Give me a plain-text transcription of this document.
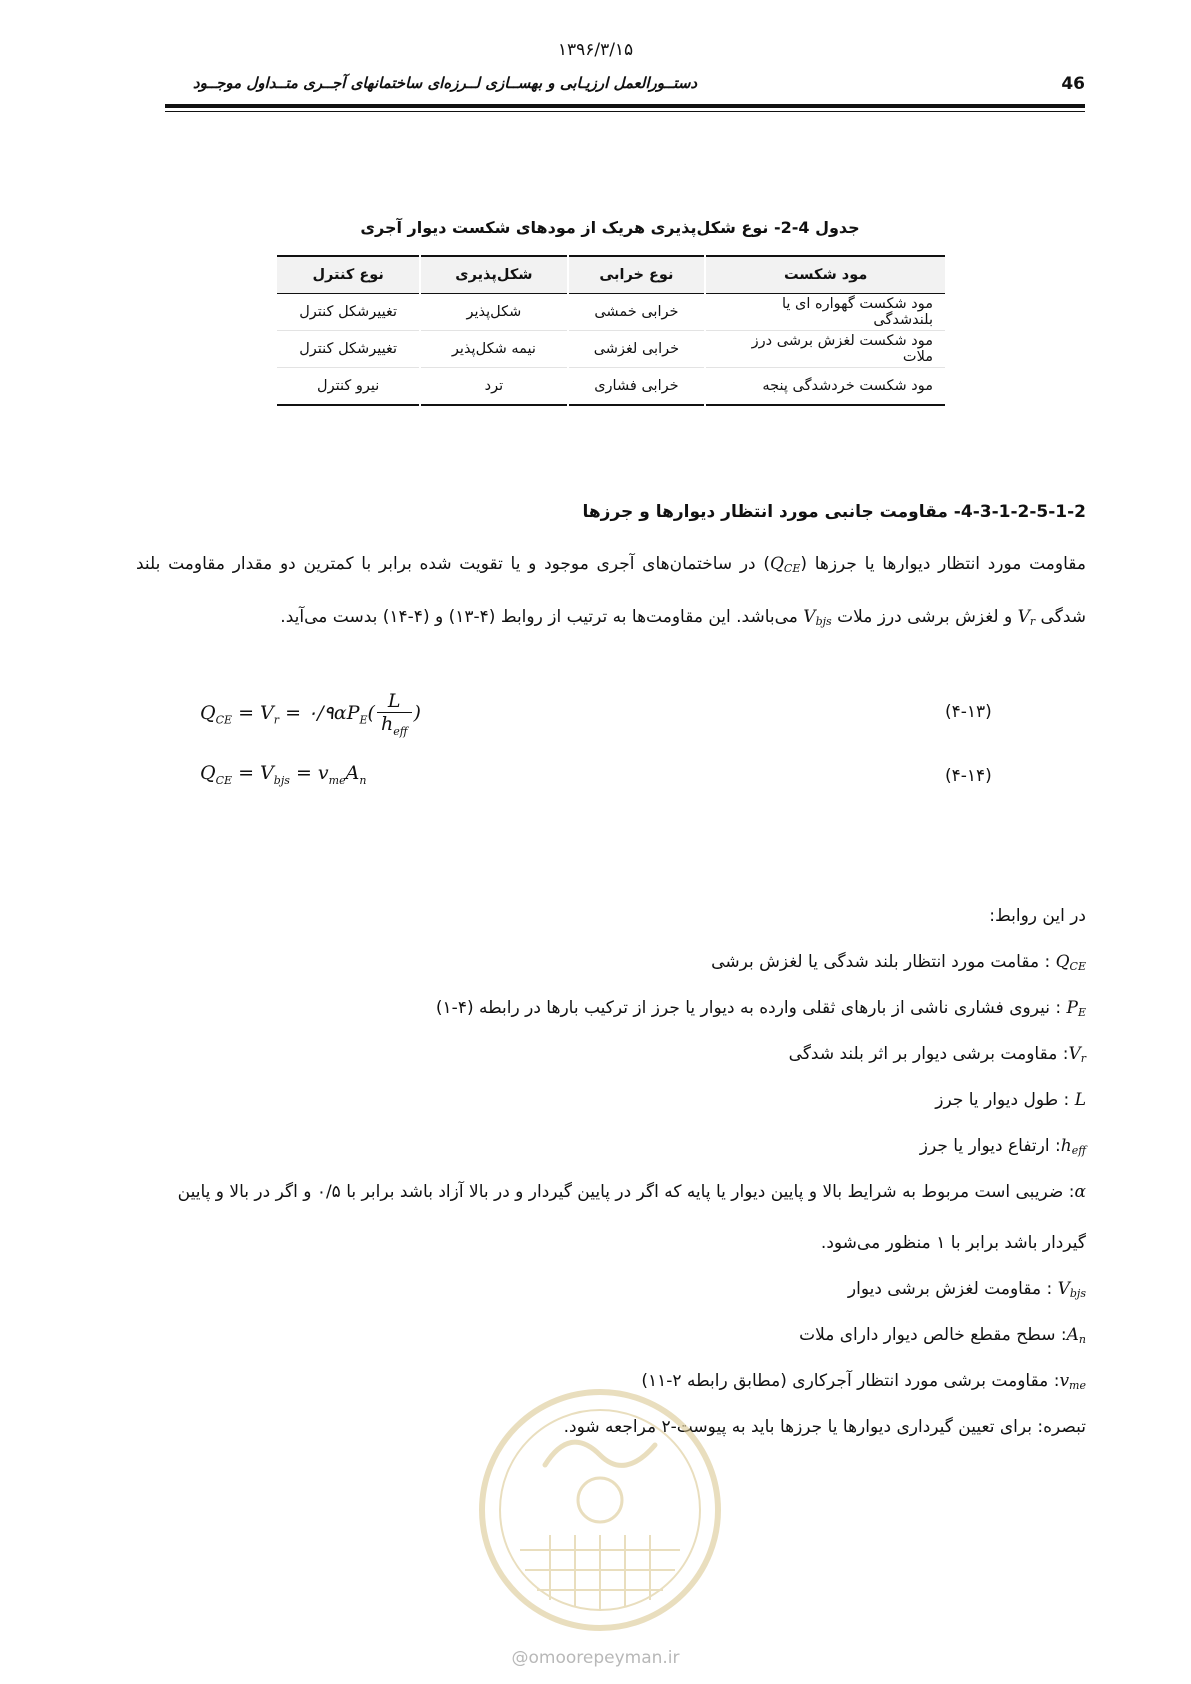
۱۳۹۶/۳/۱۵
دستــورالعمل ارزیـابی و بهســازی لــرزه‌ای ساختمانهای آجــری متــداول موجــود	46
جدول 4-2- نوع شکل‌پذیری هریک از مودهای شکست دیوار آجری
مود شکست	نوع خرابی	شکل‌پذیری	نوع کنترل
مود شکست گهواره ای یا بلندشدگی	خرابی خمشی	شکل‌پذیر	تغییرشکل کنترل
مود شکست لغزش برشی درز ملات	خرابی لغزشی	نیمه شکل‌پذیر	تغییرشکل کنترل
مود شکست خردشدگی پنجه	خرابی فشاری	ترد	نیرو کنترل
4-3-1-2-5-1-2- مقاومت جانبی مورد انتظار دیوارها و جرزها
مقاومت مورد انتظار دیوارها یا جرزها $(Q_{CE})$ در ساختمان‌های آجری موجود و یا تقویت شده برابر با کمترین دو مقدار مقاومت بلند شدگی $V_r$ و لغزش برشی درز ملات $V_{bjs}$ می‌باشد. این مقاومت‌ها به ترتیب از روابط (۴-۱۳) و (۴-۱۴) بدست می‌آید.
$Q_{CE} = V_r$ = $۰/۹\alpha P_E( \frac{L}{h_{eff}}$ )	(۴-۱۳)
$Q_{CE} = V_{bjs} = v_{me}A_n$	(۴-۱۴)
در این روابط:
$Q_{CE}$ : مقامت مورد انتظار بلند شدگی یا لغزش برشی
$P_E$ : نیروی فشاری ناشی از بارهای ثقلی وارده به دیوار یا جرز از ترکیب بارها در رابطه (۴-۱)
$V_r$: مقاومت برشی دیوار بر اثر بلند شدگی
L : طول دیوار یا جرز
$h_{eff}$: ارتفاع دیوار یا جرز
α: ضریبی است مربوط به شرایط بالا و پایین دیوار یا پایه که اگر در پایین گیردار و در بالا آزاد باشد برابر با ۰/۵ و اگر در بالا و پایین گیردار باشد برابر با ۱ منظور می‌شود.
$V_{bjs}$ : مقاومت لغزش برشی دیوار
$A_n$: سطح مقطع خالص دیوار دارای ملات
$v_{me}$: مقاومت برشی مورد انتظار آجرکاری (مطابق رابطه ۲-۱۱)
تبصره: برای تعیین گیرداری دیوارها یا جرزها باید به پیوست-۲ مراجعه شود.
@omoorepeyman.ir
